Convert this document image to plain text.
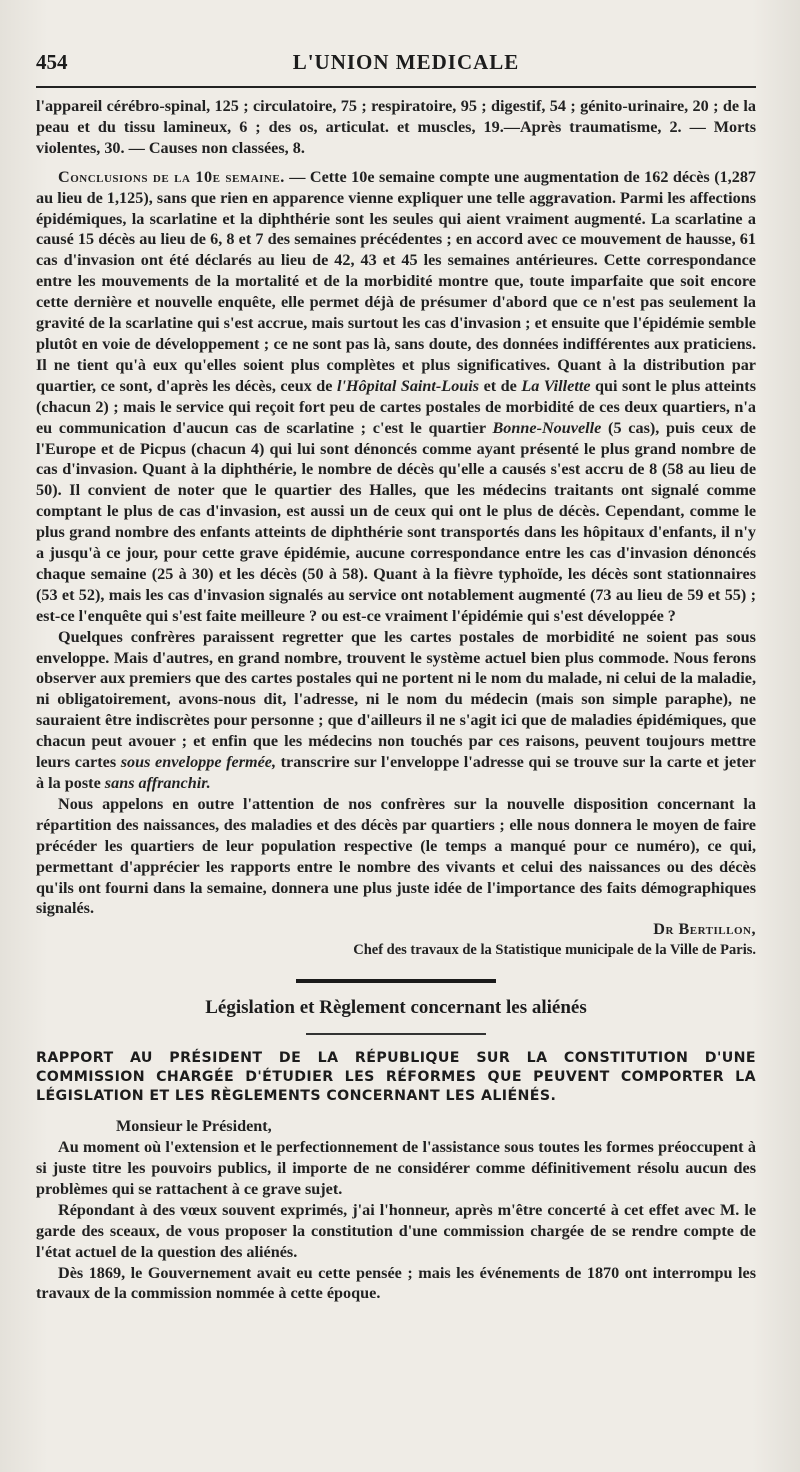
454	L'UNION MEDICALE

l'appareil cérébro-spinal, 125 ; circulatoire, 75 ; respiratoire, 95 ; digestif, 54 ; génito-urinaire, 20 ; de la peau et du tissu lamineux, 6 ; des os, articulat. et muscles, 19.—Après traumatisme, 2. — Morts violentes, 30. — Causes non classées, 8.

Conclusions de la 10e semaine. — Cette 10e semaine compte une augmentation de 162 décès (1,287 au lieu de 1,125), sans que rien en apparence vienne expliquer une telle aggravation. Parmi les affections épidémiques, la scarlatine et la diphthérie sont les seules qui aient vraiment augmenté. La scarlatine a causé 15 décès au lieu de 6, 8 et 7 des semaines précédentes ; en accord avec ce mouvement de hausse, 61 cas d'invasion ont été déclarés au lieu de 42, 43 et 45 les semaines antérieures. Cette correspondance entre les mouvements de la mortalité et de la morbidité montre que, toute imparfaite que soit encore cette dernière et nouvelle enquête, elle permet déjà de présumer d'abord que ce n'est pas seulement la gravité de la scarlatine qui s'est accrue, mais surtout les cas d'invasion ; et ensuite que l'épidémie semble plutôt en voie de développement ; ce ne sont pas là, sans doute, des données indifférentes aux praticiens. Il ne tient qu'à eux qu'elles soient plus complètes et plus significatives. Quant à la distribution par quartier, ce sont, d'après les décès, ceux de l'Hôpital Saint-Louis et de La Villette qui sont le plus atteints (chacun 2) ; mais le service qui reçoit fort peu de cartes postales de morbidité de ces deux quartiers, n'a eu communication d'aucun cas de scarlatine ; c'est le quartier Bonne-Nouvelle (5 cas), puis ceux de l'Europe et de Picpus (chacun 4) qui lui sont dénoncés comme ayant présenté le plus grand nombre de cas d'invasion. Quant à la diphthérie, le nombre de décès qu'elle a causés s'est accru de 8 (58 au lieu de 50). Il convient de noter que le quartier des Halles, que les médecins traitants ont signalé comme comptant le plus de cas d'invasion, est aussi un de ceux qui ont le plus de décès. Cependant, comme le plus grand nombre des enfants atteints de diphthérie sont transportés dans les hôpitaux d'enfants, il n'y a jusqu'à ce jour, pour cette grave épidémie, aucune correspondance entre les cas d'invasion dénoncés chaque semaine (25 à 30) et les décès (50 à 58). Quant à la fièvre typhoïde, les décès sont stationnaires (53 et 52), mais les cas d'invasion signalés au service ont notablement augmenté (73 au lieu de 59 et 55) ; est-ce l'enquête qui s'est faite meilleure ? ou est-ce vraiment l'épidémie qui s'est développée ?

Quelques confrères paraissent regretter que les cartes postales de morbidité ne soient pas sous enveloppe. Mais d'autres, en grand nombre, trouvent le système actuel bien plus commode. Nous ferons observer aux premiers que des cartes postales qui ne portent ni le nom du malade, ni celui de la maladie, ni obligatoirement, avons-nous dit, l'adresse, ni le nom du médecin (mais son simple paraphe), ne sauraient être indiscrètes pour personne ; que d'ailleurs il ne s'agit ici que de maladies épidémiques, que chacun peut avouer ; et enfin que les médecins non touchés par ces raisons, peuvent toujours mettre leurs cartes sous enveloppe fermée, transcrire sur l'enveloppe l'adresse qui se trouve sur la carte et jeter à la poste sans affranchir.

Nous appelons en outre l'attention de nos confrères sur la nouvelle disposition concernant la répartition des naissances, des maladies et des décès par quartiers ; elle nous donnera le moyen de faire précéder les quartiers de leur population respective (le temps a manqué pour ce numéro), ce qui, permettant d'apprécier les rapports entre le nombre des vivants et celui des naissances ou des décès qu'ils ont fourni dans la semaine, donnera une plus juste idée de l'importance des faits démographiques signalés.

Dr Bertillon,

Chef des travaux de la Statistique municipale de la Ville de Paris.

Législation et Règlement concernant les aliénés
RAPPORT AU PRÉSIDENT DE LA RÉPUBLIQUE SUR LA CONSTITUTION D'UNE COMMISSION CHARGÉE D'ÉTUDIER LES RÉFORMES QUE PEUVENT COMPORTER LA LÉGISLATION ET LES RÈGLEMENTS CONCERNANT LES ALIÉNÉS.

Monsieur le Président,

Au moment où l'extension et le perfectionnement de l'assistance sous toutes les formes préoccupent à si juste titre les pouvoirs publics, il importe de ne considérer comme définitivement résolu aucun des problèmes qui se rattachent à ce grave sujet.

Répondant à des vœux souvent exprimés, j'ai l'honneur, après m'être concerté à cet effet avec M. le garde des sceaux, de vous proposer la constitution d'une commission chargée de se rendre compte de l'état actuel de la question des aliénés.

Dès 1869, le Gouvernement avait eu cette pensée ; mais les événements de 1870 ont interrompu les travaux de la commission nommée à cette époque.
